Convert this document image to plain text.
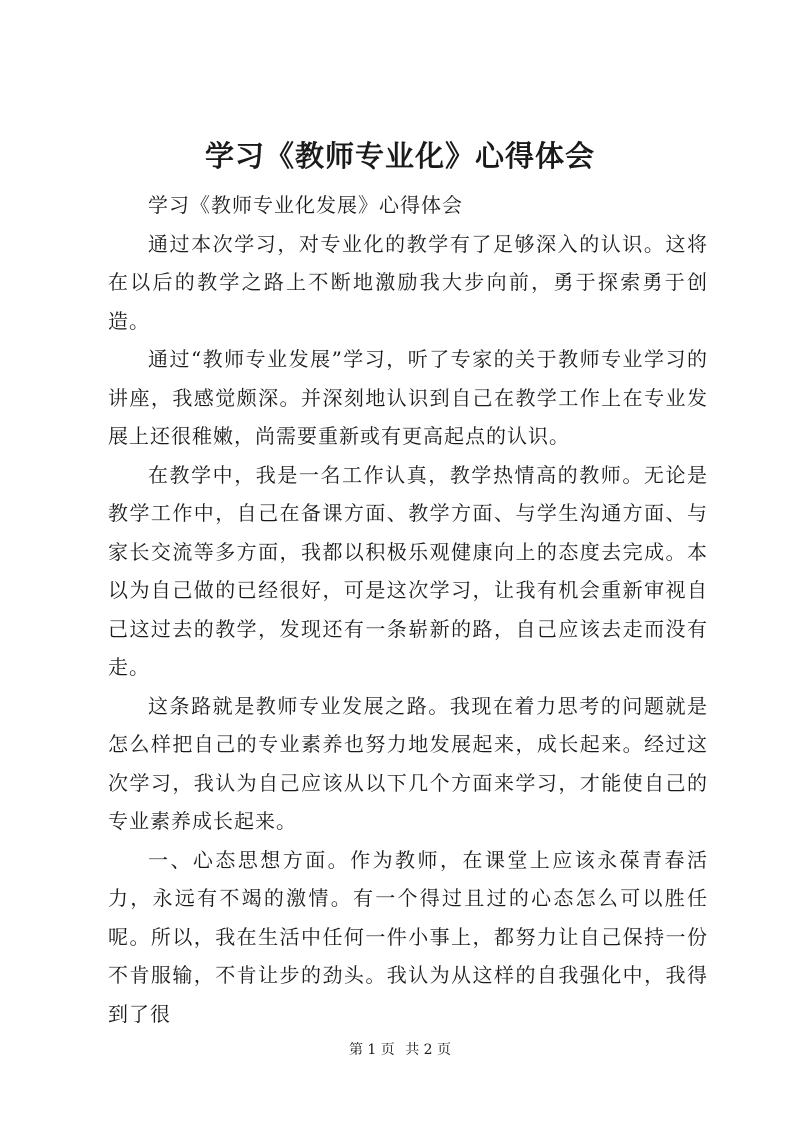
学习《教师专业化》心得体会

学习《教师专业化发展》心得体会

通过本次学习，对专业化的教学有了足够深入的认识。这将在以后的教学之路上不断地激励我大步向前，勇于探索勇于创造。

通过“教师专业发展”学习，听了专家的关于教师专业学习的讲座，我感觉颇深。并深刻地认识到自己在教学工作上在专业发展上还很稚嫩，尚需要重新或有更高起点的认识。

在教学中，我是一名工作认真，教学热情高的教师。无论是教学工作中，自己在备课方面、教学方面、与学生沟通方面、与家长交流等多方面，我都以积极乐观健康向上的态度去完成。本以为自己做的已经很好，可是这次学习，让我有机会重新审视自己这过去的教学，发现还有一条崭新的路，自己应该去走而没有走。

这条路就是教师专业发展之路。我现在着力思考的问题就是怎么样把自己的专业素养也努力地发展起来，成长起来。经过这次学习，我认为自己应该从以下几个方面来学习，才能使自己的专业素养成长起来。

一、心态思想方面。作为教师，在课堂上应该永葆青春活力，永远有不竭的激情。有一个得过且过的心态怎么可以胜任呢。所以，我在生活中任何一件小事上，都努力让自己保持一份不肯服输，不肯让步的劲头。我认为从这样的自我强化中，我得到了很

第 1 页 共 2 页
